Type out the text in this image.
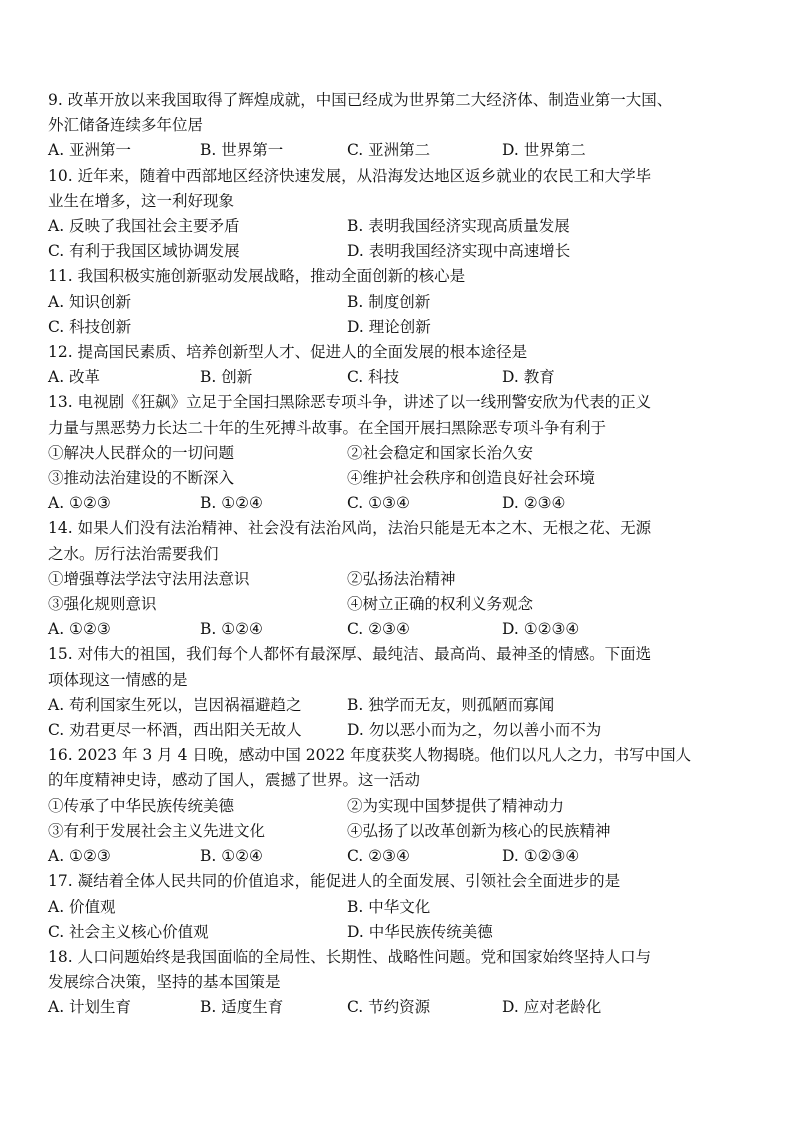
9. 改革开放以来我国取得了辉煌成就，中国已经成为世界第二大经济体、制造业第一大国、
外汇储备连续多年位居
A. 亚洲第一	B. 世界第一	C. 亚洲第二	D. 世界第二
10. 近年来，随着中西部地区经济快速发展，从沿海发达地区返乡就业的农民工和大学毕
业生在增多，这一利好现象
A. 反映了我国社会主要矛盾	B. 表明我国经济实现高质量发展
C. 有利于我国区域协调发展	D. 表明我国经济实现中高速增长
11. 我国积极实施创新驱动发展战略，推动全面创新的核心是
A. 知识创新	B. 制度创新
C. 科技创新	D. 理论创新
12. 提高国民素质、培养创新型人才、促进人的全面发展的根本途径是
A. 改革	B. 创新	C. 科技	D. 教育
13. 电视剧《狂飙》立足于全国扫黑除恶专项斗争，讲述了以一线刑警安欣为代表的正义
力量与黑恶势力长达二十年的生死搏斗故事。在全国开展扫黑除恶专项斗争有利于
①解决人民群众的一切问题	②社会稳定和国家长治久安
③推动法治建设的不断深入	④维护社会秩序和创造良好社会环境
A. ①②③	B. ①②④	C. ①③④	D. ②③④
14. 如果人们没有法治精神、社会没有法治风尚，法治只能是无本之木、无根之花、无源
之水。厉行法治需要我们
①增强尊法学法守法用法意识	②弘扬法治精神
③强化规则意识	④树立正确的权利义务观念
A. ①②③	B. ①②④	C. ②③④	D. ①②③④
15. 对伟大的祖国，我们每个人都怀有最深厚、最纯洁、最高尚、最神圣的情感。下面选
项体现这一情感的是
A. 苟利国家生死以，岂因祸福避趋之	B. 独学而无友，则孤陋而寡闻
C. 劝君更尽一杯酒，西出阳关无故人	D. 勿以恶小而为之，勿以善小而不为
16. 2023 年 3 月 4 日晚，感动中国 2022 年度获奖人物揭晓。他们以凡人之力，书写中国人
的年度精神史诗，感动了国人，震撼了世界。这一活动
①传承了中华民族传统美德	②为实现中国梦提供了精神动力
③有利于发展社会主义先进文化	④弘扬了以改革创新为核心的民族精神
A. ①②③	B. ①②④	C. ②③④	D. ①②③④
17. 凝结着全体人民共同的价值追求，能促进人的全面发展、引领社会全面进步的是
A. 价值观	B. 中华文化
C. 社会主义核心价值观	D. 中华民族传统美德
18. 人口问题始终是我国面临的全局性、长期性、战略性问题。党和国家始终坚持人口与
发展综合决策，坚持的基本国策是
A. 计划生育	B. 适度生育	C. 节约资源	D. 应对老龄化
